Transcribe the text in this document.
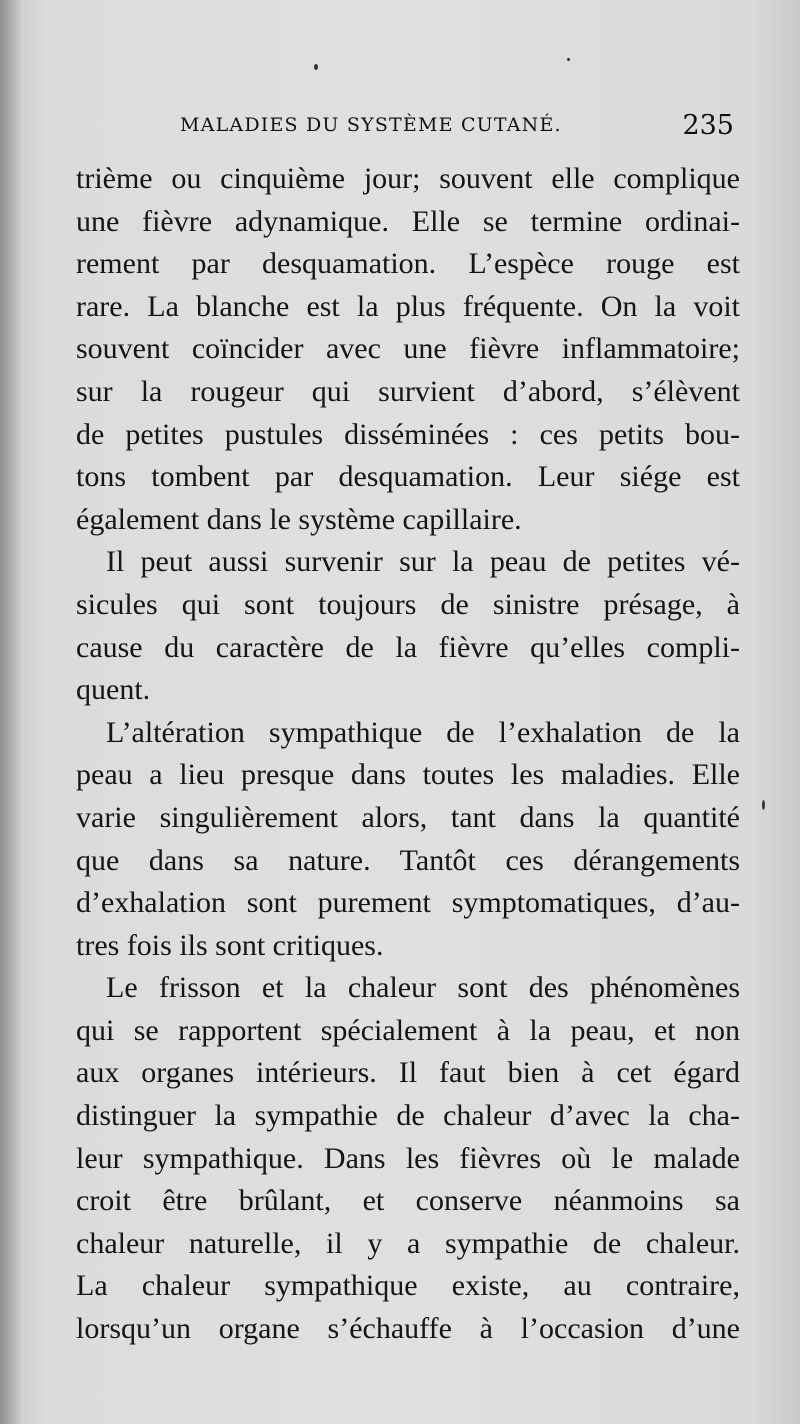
MALADIES DU SYSTÈME CUTANÉ.	235
trième ou cinquième jour; souvent elle complique
une fièvre adynamique. Elle se termine ordinai-
rement par desquamation. L’espèce rouge est
rare. La blanche est la plus fréquente. On la voit
souvent coïncider avec une fièvre inflammatoire;
sur la rougeur qui survient d’abord, s’élèvent
de petites pustules disséminées : ces petits bou-
tons tombent par desquamation. Leur siége est
également dans le système capillaire.
Il peut aussi survenir sur la peau de petites vé-
sicules qui sont toujours de sinistre présage, à
cause du caractère de la fièvre qu’elles compli-
quent.
L’altération sympathique de l’exhalation de la
peau a lieu presque dans toutes les maladies. Elle
varie singulièrement alors, tant dans la quantité
que dans sa nature. Tantôt ces dérangements
d’exhalation sont purement symptomatiques, d’au-
tres fois ils sont critiques.
Le frisson et la chaleur sont des phénomènes
qui se rapportent spécialement à la peau, et non
aux organes intérieurs. Il faut bien à cet égard
distinguer la sympathie de chaleur d’avec la cha-
leur sympathique. Dans les fièvres où le malade
croit être brûlant, et conserve néanmoins sa
chaleur naturelle, il y a sympathie de chaleur.
La chaleur sympathique existe, au contraire,
lorsqu’un organe s’échauffe à l’occasion d’une
